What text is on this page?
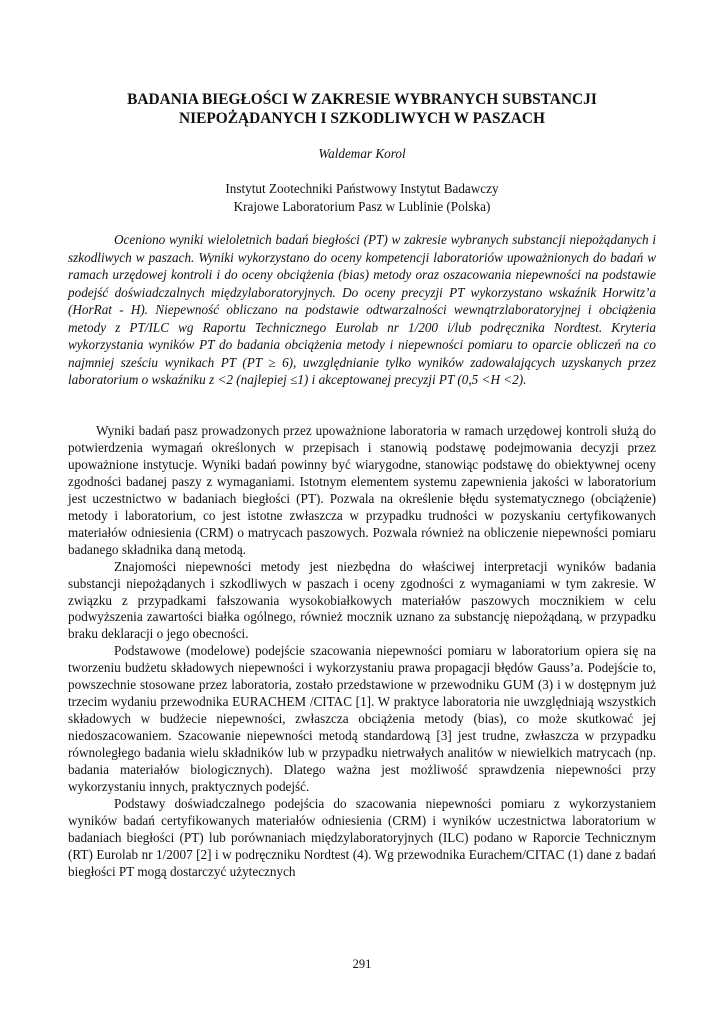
BADANIA BIEGŁOŚCI W ZAKRESIE WYBRANYCH SUBSTANCJI
NIEPOŻĄDANYCH I SZKODLIWYCH W PASZACH
Waldemar Korol
Instytut Zootechniki Państwowy Instytut Badawczy
Krajowe Laboratorium Pasz w Lublinie (Polska)

Oceniono wyniki wieloletnich badań biegłości (PT) w zakresie wybranych substancji niepożądanych i szkodliwych w paszach. Wyniki wykorzystano do oceny kompetencji laboratoriów upoważnionych do badań w ramach urzędowej kontroli i do oceny obciążenia (bias) metody oraz oszacowania niepewności na podstawie podejść doświadczalnych międzylaboratoryjnych. Do oceny precyzji PT wykorzystano wskaźnik Horwitz’a (HorRat - H). Niepewność obliczano na podstawie odtwarzalności wewnątrzlaboratoryjnej i obciążenia metody z PT/ILC wg Raportu Technicznego Eurolab nr 1/200 i/lub podręcznika Nordtest. Kryteria wykorzystania wyników PT do badania obciążenia metody i niepewności pomiaru to oparcie obliczeń na co najmniej sześciu wynikach PT (PT ≥ 6), uwzględnianie tylko wyników zadowalających uzyskanych przez laboratorium o wskaźniku z <2 (najlepiej ≤1) i akceptowanej precyzji PT (0,5 <H <2).

Wyniki badań pasz prowadzonych przez upoważnione laboratoria w ramach urzędowej kontroli służą do potwierdzenia wymagań określonych w przepisach i stanowią podstawę podejmowania decyzji przez upoważnione instytucje. Wyniki badań powinny być wiarygodne, stanowiąc podstawę do obiektywnej oceny zgodności badanej paszy z wymaganiami. Istotnym elementem systemu zapewnienia jakości w laboratorium jest uczestnictwo w badaniach biegłości (PT). Pozwala na określenie błędu systematycznego (obciążenie) metody i laboratorium, co jest istotne zwłaszcza w przypadku trudności w pozyskaniu certyfikowanych materiałów odniesienia (CRM) o matrycach paszowych. Pozwala również na obliczenie niepewności pomiaru badanego składnika daną metodą.

Znajomości niepewności metody jest niezbędna do właściwej interpretacji wyników badania substancji niepożądanych i szkodliwych w paszach i oceny zgodności z wymaganiami w tym zakresie. W związku z przypadkami fałszowania wysokobiałkowych materiałów paszowych mocznikiem w celu podwyższenia zawartości białka ogólnego, również mocznik uznano za substancję niepożądaną, w przypadku braku deklaracji o jego obecności.

Podstawowe (modelowe) podejście szacowania niepewności pomiaru w laboratorium opiera się na tworzeniu budżetu składowych niepewności i wykorzystaniu prawa propagacji błędów Gauss’a. Podejście to, powszechnie stosowane przez laboratoria, zostało przedstawione w przewodniku GUM (3) i w dostępnym już trzecim wydaniu przewodnika EURACHEM /CITAC [1]. W praktyce laboratoria nie uwzględniają wszystkich składowych w budżecie niepewności, zwłaszcza obciążenia metody (bias), co może skutkować jej niedoszacowaniem. Szacowanie niepewności metodą standardową [3] jest trudne, zwłaszcza w przypadku równoległego badania wielu składników lub w przypadku nietrwałych analitów w niewielkich matrycach (np. badania materiałów biologicznych). Dlatego ważna jest możliwość sprawdzenia niepewności przy wykorzystaniu innych, praktycznych podejść.

Podstawy doświadczalnego podejścia do szacowania niepewności pomiaru z wykorzystaniem wyników badań certyfikowanych materiałów odniesienia (CRM) i wyników uczestnictwa laboratorium w badaniach biegłości (PT) lub porównaniach międzylaboratoryjnych (ILC) podano w Raporcie Technicznym (RT) Eurolab nr 1/2007 [2] i w podręczniku Nordtest (4). Wg przewodnika Eurachem/CITAC (1) dane z badań biegłości PT mogą dostarczyć użytecznych

291
